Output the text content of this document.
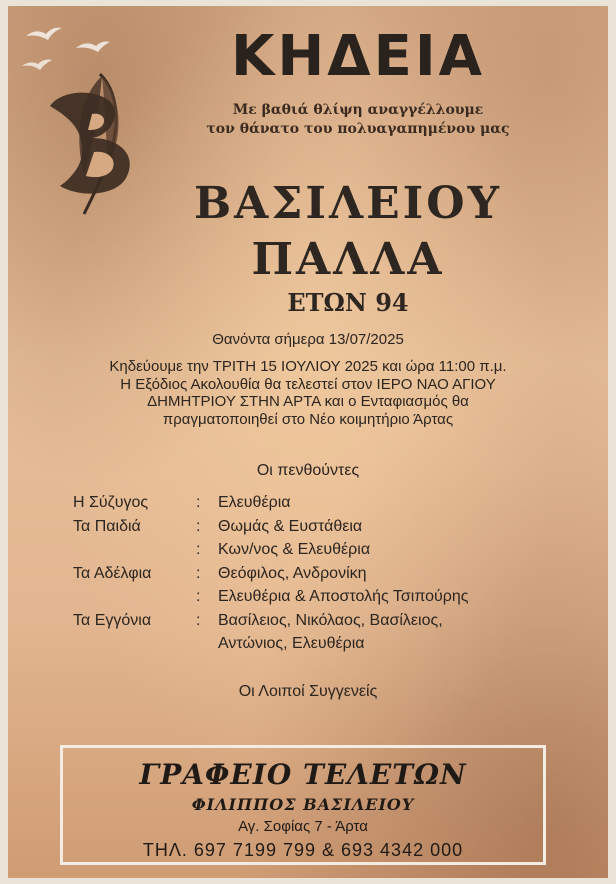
ΚΗΔΕΙΑ
Με βαθιά θλίψη αναγγέλλουμε
τον θάνατο του πολυαγαπημένου μας
ΒΑΣΙΛΕΙΟΥ
ΠΑΛΛΑ
ΕΤΩΝ 94
Θανόντα σήμερα 13/07/2025
Κηδεύουμε την ΤΡΙΤΗ 15 ΙΟΥΛΙΟΥ 2025 και ώρα 11:00 π.μ.
Η Εξόδιος Ακολουθία θα τελεστεί στον ΙΕΡΟ ΝΑΟ ΑΓΙΟΥ
ΔΗΜΗΤΡΙΟΥ ΣΤΗΝ ΑΡΤΑ και ο Ενταφιασμός θα
πραγματοποιηθεί στο Νέο κοιμητήριο Άρτας
Οι πενθούντες
Η Σύζυγος	: Ελευθέρια
Τα Παιδιά	: Θωμάς & Ευστάθεια
: Κων/νος & Ελευθέρια
Τα Αδέλφια	: Θεόφιλος, Ανδρονίκη
: Ελευθέρια & Αποστολής Τσιπούρης
Τα Εγγόνια	: Βασίλειος, Νικόλαος, Βασίλειος,
Αντώνιος, Ελευθέρια
Οι Λοιποί Συγγενείς
ΓΡΑΦΕΙΟ ΤΕΛΕΤΩΝ
ΦΙΛΙΠΠΟΣ ΒΑΣΙΛΕΙΟΥ
Αγ. Σοφίας 7 - Άρτα
ΤΗΛ. 697 7199 799 & 693 4342 000
